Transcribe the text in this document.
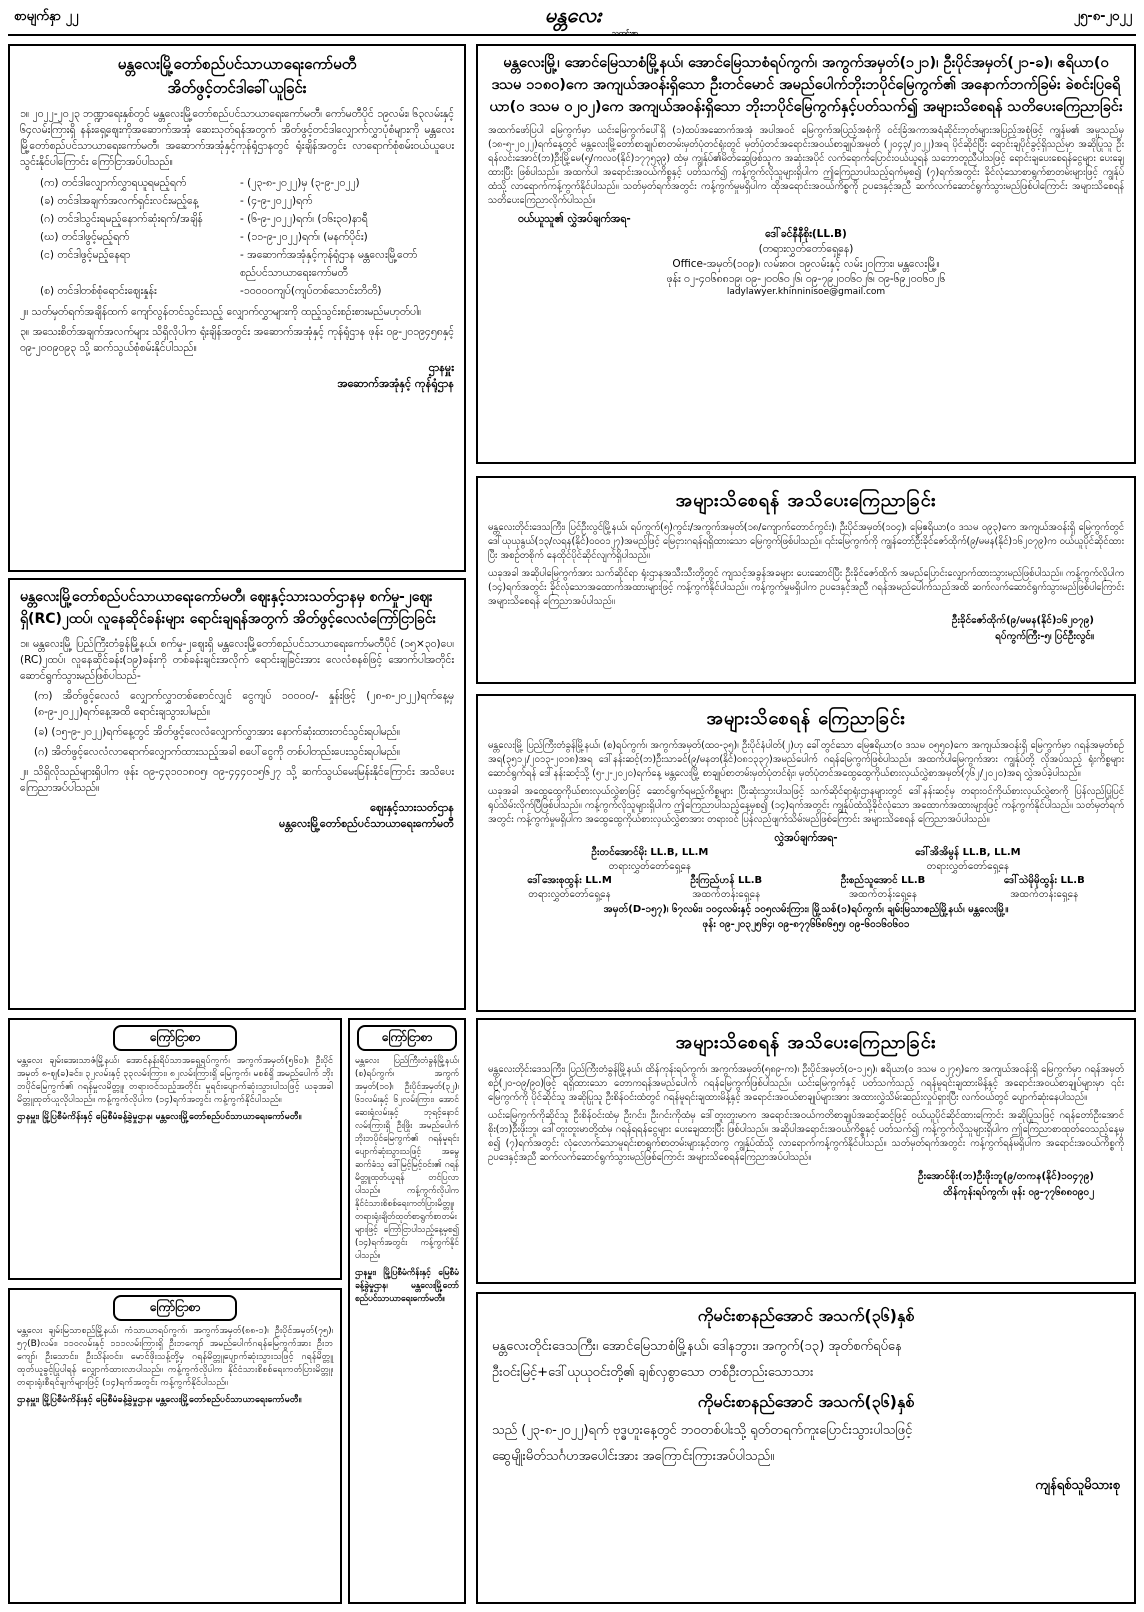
စာမျက်နှာ ၂၂	မန္တလေး
သတင်းစာ
၂၅-၈-၂၀၂၂
မန္တလေးမြို့တော်စည်ပင်သာယာရေးကော်မတီ
အိတ်ဖွင့်တင်ဒါခေါ်ယူခြင်း

၁။ ၂၀၂၂-၂၀၂၃ ဘဏ္ဍာရေးနှစ်တွင် မန္တလေးမြို့တော်စည်ပင်သာယာရေးကော်မတီ၊ ကော်မတီပိုင် ၁၉လမ်း၊ ၆၃လမ်းနှင့် ၆၄လမ်းကြားရှိ နန်းရှေ့ဈေးကိုအဆောက်အအုံ ဆေးသုတ်ရန်အတွက် အိတ်ဖွင့်တင်ဒါလျှောက်လွှာပုံစံများကို မန္တလေးမြို့တော်စည်ပင်သာယာရေးကော်မတီ၊ အဆောက်အအုံနှင့်ကုန်ရုံဌာနတွင် ရုံးချိန်အတွင်း လာရောက်စုံစမ်းဝယ်ယူပေးသွင်းနိုင်ပါကြောင်း ကြော်ငြာအပ်ပါသည်။

(က) တင်ဒါလျှောက်လွှာရယူရမည့်ရက်	- (၂၃-၈-၂၀၂၂)မှ (၃-၉-၂၀၂၂)
(ခ) တင်ဒါအချက်အလက်ရှင်းလင်းမည့်နေ့	- (၄-၉-၂၀၂၂)ရက်
(ဂ) တင်ဒါသွင်းရမည့်နောက်ဆုံးရက်/အချိန်	- (၆-၉-၂၀၂၂)ရက်၊ (၁၆း၃၀)နာရီ
(ဃ) တင်ဒါဖွင့်မည့်ရက်	- (၁၁-၉-၂၀၂၂)ရက်၊ (မနက်ပိုင်း)
(င) တင်ဒါဖွင့်မည့်နေရာ	- အဆောက်အအုံနှင့်ကုန်ရုံဌာန မန္တလေးမြို့တော်စည်ပင်သာယာရေးကော်မတီ
(စ) တင်ဒါတစ်စုံရောင်းဈေးနှုန်း	-၁၀၀၀၀ကျပ်(ကျပ်တစ်သောင်းတိတိ)

၂။ သတ်မှတ်ရက်အချိန်ထက် ကျော်လွန်တင်သွင်းသည့် လျှောက်လွှာများကို ထည့်သွင်းစဉ်းစားမည်မဟုတ်ပါ။

၃။ အသေးစိတ်အချက်အလက်များ သိရှိလိုပါက ရုံးချိန်အတွင်း အဆောက်အအုံနှင့် ကုန်ရုံဌာန ဖုန်း ၀၉-၂၀၁၉၄၅၈နှင့် ၀၉-၂၀၀၉၀၉၃ သို့ ဆက်သွယ်စုံစမ်းနိုင်ပါသည်။

ဌာနမှူး
အဆောက်အအုံနှင့် ကုန်ရုံဌာန
မန္တလေးမြို့တော်စည်ပင်သာယာရေးကော်မတီ၊ ဈေးနှင့်သားသတ်ဌာနမှ စက်မှု-၂ဈေးရှိ(RC)၂ထပ်၊ လူနေဆိုင်ခန်းများ ရောင်းချရန်အတွက် အိတ်ဖွင့်လေလံကြော်ငြာခြင်း

၁။ မန္တလေးမြို့ ပြည်ကြီးတံခွန်မြို့နယ်၊ စက်မှု-၂ဈေးရှိ မန္တလေးမြို့တော်စည်ပင်သာယာရေးကော်မတီပိုင် (၁၅×၃၀)ပေ၊ (RC)၂ထပ်၊ လူနေဆိုင်ခန်း(၁၉)ခန်းကို တစ်ခန်းချင်းအလိုက် ရောင်းချခြင်းအား လေလံစနစ်ဖြင့် အောက်ပါအတိုင်းဆောင်ရွက်သွားမည်ဖြစ်ပါသည်-

(က) အိတ်ဖွင့်လေလံ လျှောက်လွှာတစ်စောင်လျှင် ငွေကျပ် ၁၀၀၀၀/- နှုန်းဖြင့် (၂၈-၈-၂၀၂၂)ရက်နေ့မှ (၈-၉-၂၀၂၂)ရက်နေ့အထိ ရောင်းချသွားပါမည်။

(ခ) (၁၅-၉-၂၀၂၂)ရက်နေ့တွင် အိတ်ဖွင့်လေလံလျှောက်လွှာအား နောက်ဆုံးထားတင်သွင်းရပါမည်။

(ဂ) အိတ်ဖွင့်လေလံလာရောက်လျှောက်ထားသည့်အခါ စပေါ်ငွေကို တစ်ပါတည်းပေးသွင်းရပါမည်။

၂။ သိရှိလိုသည်များရှိပါက ဖုန်း ၀၉-၄၃၁၀၁၈၀၅၊ ၀၉-၄၄၄၀၁၅၆၂၇ သို့ ဆက်သွယ်မေးမြန်းနိုင်ကြောင်း အသိပေးကြေညာအပ်ပါသည်။

ဈေးနှင့်သားသတ်ဌာန
မန္တလေးမြို့တော်စည်ပင်သာယာရေးကော်မတီ
ကြော်ငြာစာ

မန္တလေး ချမ်းအေးသာဇံမြို့နယ်၊ အောင်နန်းရိပ်သာအရှေ့ရပ်ကွက်၊ အကွက်အမှတ်(၅၆၀)၊ ဦးပိုင်အမှတ် ၈-ဈ(ခ)ခင်း၊ ၃၂လမ်းနှင့် ၃၃လမ်းကြား၊ ၈၂လမ်းကြားရှိ မြေကွက်၊ မစစ်ရှိ အမည်ပေါက် ဘိုးဘပိုင်မြေကွက်၏ ဂရန်မှုလမိတ္တူ၊ တရားဝင်သည့်အတိုင်း မူရင်းပျောက်ဆုံးသွားပါသဖြင့် ယခုအခါ မိတ္တူထုတ်ယူလိုပါသည်။ ကန့်ကွက်လိုပါက (၁၄)ရက်အတွင်း ကန့်ကွက်နိုင်ပါသည်။

ဌာနမှူး၊ မြို့ပြစီမံကိန်းနှင့် မြေစီမံခန့်ခွဲမှုဌာန၊ မန္တလေးမြို့တော်စည်ပင်သာယာရေးကော်မတီ။

ကြော်ငြာစာ

မန္တလေး ပြည်ကြီးတံခွန်မြို့နယ်၊ (စ)ရပ်ကွက်၊ အကွက်အမှတ်(၁၀)၊ ဦးပိုင်အမှတ်(၃၂)၊ ၆၁လမ်းနှင့် ၆၂လမ်းကြား၊ အောင်ဆေးရုံလမ်းနှင့် ဘုရင့်နောင်လမ်းကြားရှိ ဦးဖြိုး အမည်ပေါက် ဘိုးဘပိုင်မြေကွက်၏ ဂရန်မူရင်းပျောက်ဆုံးသွားသဖြင့် အမွေဆက်ခံသူ ဒေါ်မြင့်မြင့်ဝင်း၏ ဂရန်မိတ္တူထုတ်ယူရန် တင်ပြလာပါသည်။ ကန့်ကွက်လိုပါက နိုင်ငံသားစိစစ်ရေးကတ်ပြားမိတ္တူ၊ တရားရုံးချိတ်ထုတ်စာရွက်စာတမ်းများဖြင့် ကြော်ငြာပါသည့်နေ့မှစ၍ (၁၄)ရက်အတွင်း ကန့်ကွက်နိုင်ပါသည်။

ဌာနမှူး၊ မြို့ပြစီမံကိန်းနှင့် မြေစီမံခန့်ခွဲမှုဌာန၊ မန္တလေးမြို့တော်စည်ပင်သာယာရေးကော်မတီ။

ကြော်ငြာစာ

မန္တလေး ချမ်းမြသာစည်မြို့နယ်၊ ကံသာယာရပ်ကွက်၊ အကွက်အမှတ်(၈၈-၁)၊ ဦးပိုင်အမှတ်(၇၅)၊ ၅၇(B)လမ်း၊ ၁၁၀လမ်းနှင့် ၁၁၁လမ်းကြားရှိ ဦးဘကျော် အမည်ပေါက်ဂရန်မြေကွက်အား ဦးဘကျော်၊ ဦးသောင်း၊ ဦးသိန်းဝင်း၊ မောင်ဖိုးသန့်တို့မှ ဂရန်မိတ္တူပျောက်ဆုံးသွားသဖြင့် ဂရန်မိတ္တူထုတ်ယူခွင့်ပြုပါရန် လျှောက်ထားလာပါသည်။ ကန့်ကွက်လိုပါက နိုင်ငံသားစိစစ်ရေးကတ်ပြားမိတ္တူ၊ တရားရုံးစီရင်ချက်များဖြင့် (၁၄)ရက်အတွင်း ကန့်ကွက်နိုင်ပါသည်။

ဌာနမှူး၊ မြို့ပြစီမံကိန်းနှင့် မြေစီမံခန့်ခွဲမှုဌာန၊ မန္တလေးမြို့တော်စည်ပင်သာယာရေးကော်မတီ။

မန္တလေးမြို့၊ အောင်မြေသာစံမြို့နယ်၊ အောင်မြေသာစံရပ်ကွက်၊ အကွက်အမှတ်(၁၂၁)၊ ဦးပိုင်အမှတ်(၂၁-ခ)၊ ဧရိယာ(၀ ဒသမ ၁၁၈၀)ကေ အကျယ်အဝန်းရှိသော ဦးတင်မောင် အမည်ပေါက်ဘိုးဘပိုင်မြေကွက်၏ အနောက်ဘက်ခြမ်း ခဲစင်းပြရေိယာ(၀ ဒသမ ၀၂၀၂)ကေ အကျယ်အဝန်းရှိသော ဘိုးဘပိုင်မြေကွက်နှင့်ပတ်သက်၍ အများသိစေရန် သတိပေးကြေညာခြင်း

အထက်ဖော်ပြပါ မြေကွက်မှာ ယင်းမြေကွက်ပေါ်ရှိ (၁)ထပ်အဆောက်အအုံ အပါအဝင် မြေကွက်အပြည့်အစုံကို ၀င်းခြံအကာအရံဆိုင်းဘုတ်များအပြည့်အစုံဖြင့် ကျွန်မ၏ အမှုသည်မှ (၁၈-၅-၂၀၂၂)ရက်နေ့တွင် မန္တလေးမြို့တော်စာချုပ်စာတမ်းမှတ်ပုံတင်ရုံးတွင် မှတ်ပုံတင်အရောင်းအဝယ်စာချုပ်အမှတ် (၂၀၄၃/၂၀၂၂)အရ ပိုင်ဆိုင်ပြီး ရောင်းချပိုင်ခွင့်ရှိသည်မှာ အဆိုပြုသူ ဦးရန်လင်းအောင်(ဘ)ဦးမြို့မေ(၅/ကလဝ(နိုင်)၁၇၇၅၃၉) ထံမှ ကျွန်ုပ်၏မိတ်ဆွေဖြစ်သူက အဆုံးအပိုင် လက်ရောက်ပြောင်းဝယ်ယူရန် သဘောတူညီပါသဖြင့် ရောင်းချပေးစေရန်ငွေများ ပေးချေထားပြီး ဖြစ်ပါသည်။ အထက်ပါ အရောင်းအဝယ်ကိစ္စနှင့် ပတ်သက်၍ ကန့်ကွက်လိုသူများရှိပါက ဤကြေညာပါသည့်ရက်မှစ၍ (၇)ရက်အတွင်း ခိုင်လုံသောစာရွက်စာတမ်းများဖြင့် ကျွန်ုပ်ထံသို့ လာရောက်ကန့်ကွက်နိုင်ပါသည်။ သတ်မှတ်ရက်အတွင်း ကန့်ကွက်မှုမရှိပါက ထိုအရောင်းအဝယ်ကိစ္စကို ဥပဒေနှင့်အညီ ဆက်လက်ဆောင်ရွက်သွားမည်ဖြစ်ပါကြောင်း အများသိစေရန် သတိပေးကြေညာလိုက်ပါသည်။

ဝယ်ယူသူ၏ လွှဲအပ်ချက်အရ-
ဒေါ်ခင်နီနီစိုး(LL.B)
(တရားလွှတ်တော်ရှေ့နေ)
Office-အမှတ်(၁၀၉)၊ လမ်း၈၀၊ ၁၉လမ်းနှင့် လမ်း၂၀ကြား၊ မန္တလေးမြို့။
ဖုန်း ၀၂-၄၀၆၈၈၁၉၊ ၀၉-၂၀၀၆၀၂၆၊ ၀၉-၇၉၂၀၀၆၀၂၆၊ ၀၉-၆၉၂၀၀၆၀၂၆
ladylawyer.khinninisoe@gmail.com
အများသိစေရန် အသိပေးကြေညာခြင်း

မန္တလေးတိုင်းဒေသကြီး၊ ပြင်ဦးလွင်မြို့နယ်၊ ရပ်ကွက်(၅)ကွင်း/အကွက်အမှတ်(၁၈/ကျောက်တောင်ကွင်း)၊ ဦးပိုင်အမှတ်(၁၀၄)၊ မြေဧရိယာ(၀ ဒသမ ၀၉၃)ကေ အကျယ်အဝန်းရှိ မြေကွက်တွင် ဒေါ်ယုယုနွယ်(၁၃/လရန(နိုင်)၀၀၀၁၂၇)အမည်ဖြင့် မြေငှားဂရန်ရရှိထားသော မြေကွက်ဖြစ်ပါသည်။ ၎င်းမြေကွက်ကို ကျွန်တော်ဦးခိုင်ဇော်ထိုက်(၉/မမန(နိုင်)၁၆၂၀၇၉)က ဝယ်ယူပိုင်ဆိုင်ထားပြီး အစဉ်တစိုက် နေထိုင်ပိုင်ဆိုင်လျက်ရှိပါသည်။

ယခုအခါ အဆိုပါမြေကွက်အား သက်ဆိုင်ရာ ရုံးဌာနအသီးသီးတို့တွင် ကျသင့်အခွန်အခများ ပေးဆောင်ပြီး ဦးခိုင်ဇော်ထိုက် အမည်ပြောင်းလျှောက်ထားသွားမည်ဖြစ်ပါသည်။ ကန့်ကွက်လိုပါက (၁၄)ရက်အတွင်း ခိုင်လုံသောအထောက်အထားများဖြင့် ကန့်ကွက်နိုင်ပါသည်။ ကန့်ကွက်မှုမရှိပါက ဥပဒေနှင့်အညီ ဂရန်အမည်ပေါက်သည်အထိ ဆက်လက်ဆောင်ရွက်သွားမည်ဖြစ်ပါကြောင်း အများသိစေရန် ကြေညာအပ်ပါသည်။

ဦးခိုင်ဇော်ထိုက်(၉/မမန(နိုင်)၁၆၂၀၇၉)
ရပ်ကွက်ကြီး-၅၊ ပြင်ဦးလွင်။
အများသိစေရန် ကြေညာခြင်း

မန္တလေးမြို့ ပြည်ကြီးတံခွန်မြို့နယ်၊ (စ)ရပ်ကွက်၊ အကွက်အမှတ်(ထဝ-၃၅)၊ ဦးပိုင်နံပါတ်(၂)ဟု ခေါ်တွင်သော မြေဧရိယာ(၀ ဒသမ ၀၅၅၀)ကေ အကျယ်အဝန်းရှိ မြေကွက်မှာ ဂရန်အမှတ်စဉ်အရ(၃၅၁၂/၂၀၁၃-၂၀၁၈)အရ ဒေါ်နန်းဆင့်(ဘ)ဦးသာခင်(၉/မနတ(နိုင်)၀၈၁၃၃၇)အမည်ပေါက် ဂရန်မြေကွက်ဖြစ်ပါသည်။ အထက်ပါမြေကွက်အား ကျွန်ုပ်တို့ လိုအပ်သည့် ရုံးကိစ္စများ ဆောင်ရွက်ရန် ဒေါ်နန်းဆင့်သို့ (၅-၂-၂၀၂၀)ရက်နေ့ မန္တလေးမြို့ စာချုပ်စာတမ်းမှတ်ပုံတင်ရုံး၊ မှတ်ပုံတင်အထွေထွေကိုယ်စားလှယ်လွှဲစာအမှတ်(၇၆၂/၂၀၂၀)အရ လွှဲအပ်ခဲ့ပါသည်။

ယခုအခါ အထွေထွေကိုယ်စားလှယ်လွှဲစာဖြင့် ဆောင်ရွက်ရမည့်ကိစ္စများ ပြီးဆုံးသွားပါသဖြင့် သက်ဆိုင်ရာရုံးဌာနများတွင် ဒေါ်နန်းဆင့်မှ တရားဝင်ကိုယ်စားလှယ်လွှဲစာကို ပြန်လည်ပြုပြင်ရုပ်သိမ်းလိုက်ပြီဖြစ်ပါသည်။ ကန့်ကွက်လိုသူများရှိပါက ဤကြေညာပါသည့်နေ့မှစ၍ (၁၄)ရက်အတွင်း ကျွန်ုပ်ထံသို့ခိုင်လုံသော အထောက်အထားများဖြင့် ကန့်ကွက်နိုင်ပါသည်။ သတ်မှတ်ရက်အတွင်း ကန့်ကွက်မှုမရှိပါက အထွေထွေကိုယ်စားလှယ်လွှဲစာအား တရားဝင် ပြန်လည်ဖျက်သိမ်းမည်ဖြစ်ကြောင်း အများသိစေရန် ကြေညာအပ်ပါသည်။

လွှဲအပ်ချက်အရ-
ဦးတင်အောင်မိုး LL.B, LL.M
တရားလွှတ်တော်ရှေ့နေ
ဒေါ်အိအိမွန် LL.B, LL.M
တရားလွှတ်တော်ရှေ့နေ
ဒေါ်အေးစုထွန်း LL.M
တရားလွှတ်တော်ရှေ့နေ
ဦးကြည်ဟန် LL.B
အထက်တန်းရှေ့နေ
ဦးစည်သူအောင် LL.B
အထက်တန်းရှေ့နေ
ဒေါ်သဲမိုမိုထွန်း LL.B
အထက်တန်းရှေ့နေ
အမှတ်(D-၁၅၇)၊ ၆၇လမ်း၊ ၁၀၄လမ်းနှင့် ၁၀၅လမ်းကြား၊ မြို့သစ်(၁)ရပ်ကွက်၊ ချမ်းမြသာစည်မြို့နယ်၊ မန္တလေးမြို့။
ဖုန်း ၀၉-၂၀၃၂၅၆၄၊ ၀၉-၈၇၇၆၆၈၆၅၅၊ ၀၉-၆၀၁၆၀၆၀၁
အများသိစေရန် အသိပေးကြေညာခြင်း

မန္တလေးတိုင်းဒေသကြီး၊ ပြည်ကြီးတံခွန်မြို့နယ်၊ ထိန်ကုန်းရပ်ကွက်၊ အကွက်အမှတ်(၅၈၉-က)၊ ဦးပိုင်အမှတ်(၀-၁၂၅)၊ ဧရိယာ(၀ ဒသမ ၀၂၇၅)ကေ အကျယ်အဝန်းရှိ မြေကွက်မှာ ဂရန်အမှတ်စဉ်(၂၀-၀၉/၉၀)ဖြင့် ရရှိထားသော တောကရန်အမည်ပေါက် ဂရန်မြေကွက်ဖြစ်ပါသည်။ ယင်းမြေကွက်နှင့် ပတ်သက်သည့် ဂရန်မူရင်းချထားမိန့်နှင့် အရောင်းအဝယ်စာချုပ်များမှာ ၎င်းမြေကွက်ကို ပိုင်ဆိုင်သူ အဆိုပြုသူ ဦးစိန်ဝင်းထံတွင် ဂရန်မူရင်းချထားမိန့်နှင့် အရောင်းအဝယ်စာချုပ်များအား အထားလွှဲသိမ်းဆည်းလှုပ်ရှားပြီး လက်ဝယ်တွင် ပျောက်ဆုံးနေပါသည်။

ယင်းမြေကွက်ကိုဆိုင်သူ ဦးစိန်ဝင်းထံမှ ဦးဂင်း၊ ဦးဂင်းကိုထံမှ ဒေါ်တူးတူးမာက အရောင်းအဝယ်ကတိစာချုပ်အဆင့်ဆင့်ဖြင့် ဝယ်ယူပိုင်ဆိုင်ထားကြောင်း အဆိုပြုသဖြင့် ဂရန်တော်ဦးအောင်စိုး(ဘ)ဦးဖိုးဘူ၊ ဒေါ်တူးတူးမာတို့ထံမှ ဂရန်ရရန်ငွေများ ပေးချေထားပြီး ဖြစ်ပါသည်။ အဆိုပါအရောင်းအဝယ်ကိစ္စနှင့် ပတ်သက်၍ ကန့်ကွက်လိုသူများရှိပါက ဤကြေညာစာထုတ်ဝေသည့်နေ့မှစ၍ (၇)ရက်အတွင်း လုံလောက်သောမူရင်းစာရွက်စာတမ်းများနှင့်တကွ ကျွန်ုပ်ထံသို့ လာရောက်ကန့်ကွက်နိုင်ပါသည်။ သတ်မှတ်ရက်အတွင်း ကန့်ကွက်ရန်မရှိပါက အရောင်းအဝယ်ကိစ္စကို ဥပဒေနှင့်အညီ ဆက်လက်ဆောင်ရွက်သွားမည်ဖြစ်ကြောင်း အများသိစေရန်ကြေညာအပ်ပါသည်။

ဦးအောင်စိုး(ဘ)ဦးဖိုးဘူ(၉/တကန(နိုင်)၁၀၄၇၉)
ထိန်ကုန်းရပ်ကွက်၊ ဖုန်း ၀၉-၇၇၆၈၈၀၉၀၂
ကိုမင်းစာနည်အောင် အသက်(၃၆)နှစ်

မန္တလေးတိုင်းဒေသကြီး၊ အောင်မြေသာစံမြို့နယ်၊ ဒေါနဘွား၊ အကွက်(၁၃) အုတ်စက်ရပ်နေ

ဦးဝင်းမြင့်+ဒေါ်ယုယုဝင်းတို့၏ ချစ်လှစွာသော တစ်ဦးတည်းသောသား

ကိုမင်းစာနည်အောင် အသက်(၃၆)နှစ်

သည် (၂၃-၈-၂၀၂၂)ရက် ဗုဒ္ဓဟူးနေ့တွင် ဘဝတစ်ပါးသို့ ရုတ်တရက်ကူးပြောင်းသွားပါသဖြင့်

ဆွေမျိုးမိတ်သင်္ဂဟအပေါင်းအား အကြောင်းကြားအပ်ပါသည်။

ကျန်ရစ်သူမိသားစု
